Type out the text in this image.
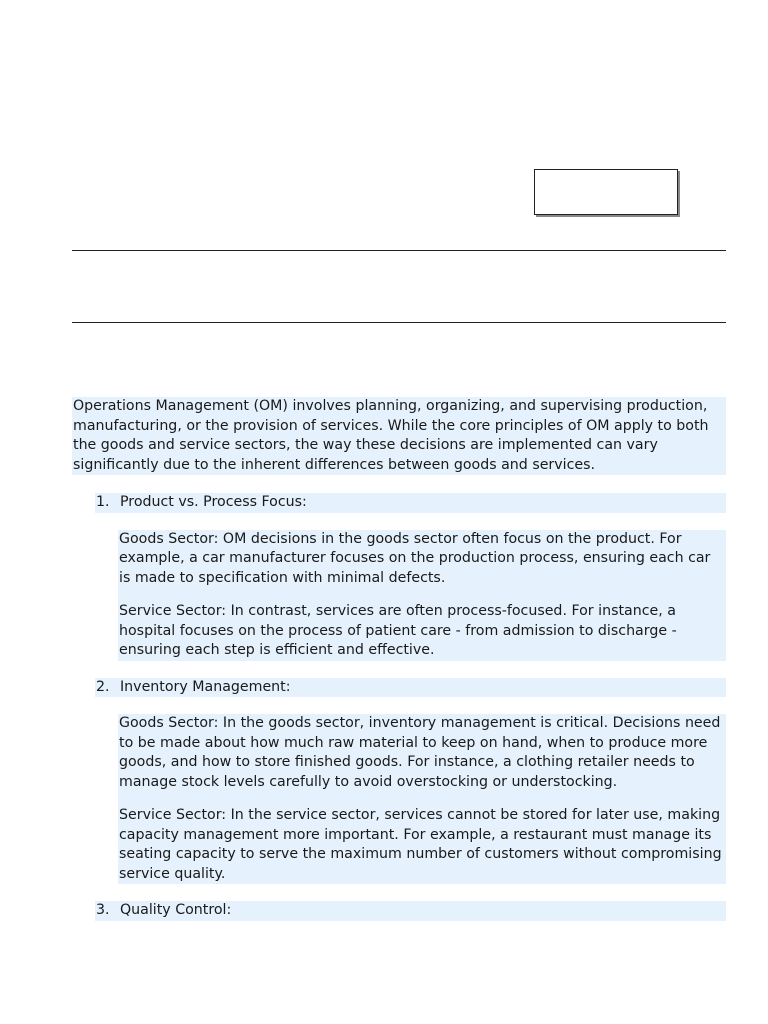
Operations Management (OM) involves planning, organizing, and supervising production, manufacturing, or the provision of services. While the core principles of OM apply to both the goods and service sectors, the way these decisions are implemented can vary significantly due to the inherent differences between goods and services.

1. Product vs. Process Focus:

Goods Sector: OM decisions in the goods sector often focus on the product. For example, a car manufacturer focuses on the production process, ensuring each car is made to specification with minimal defects.

Service Sector: In contrast, services are often process-focused. For instance, a hospital focuses on the process of patient care - from admission to discharge - ensuring each step is efficient and effective.

2. Inventory Management:

Goods Sector: In the goods sector, inventory management is critical. Decisions need to be made about how much raw material to keep on hand, when to produce more goods, and how to store finished goods. For instance, a clothing retailer needs to manage stock levels carefully to avoid overstocking or understocking.

Service Sector: In the service sector, services cannot be stored for later use, making capacity management more important. For example, a restaurant must manage its seating capacity to serve the maximum number of customers without compromising service quality.

3. Quality Control:
